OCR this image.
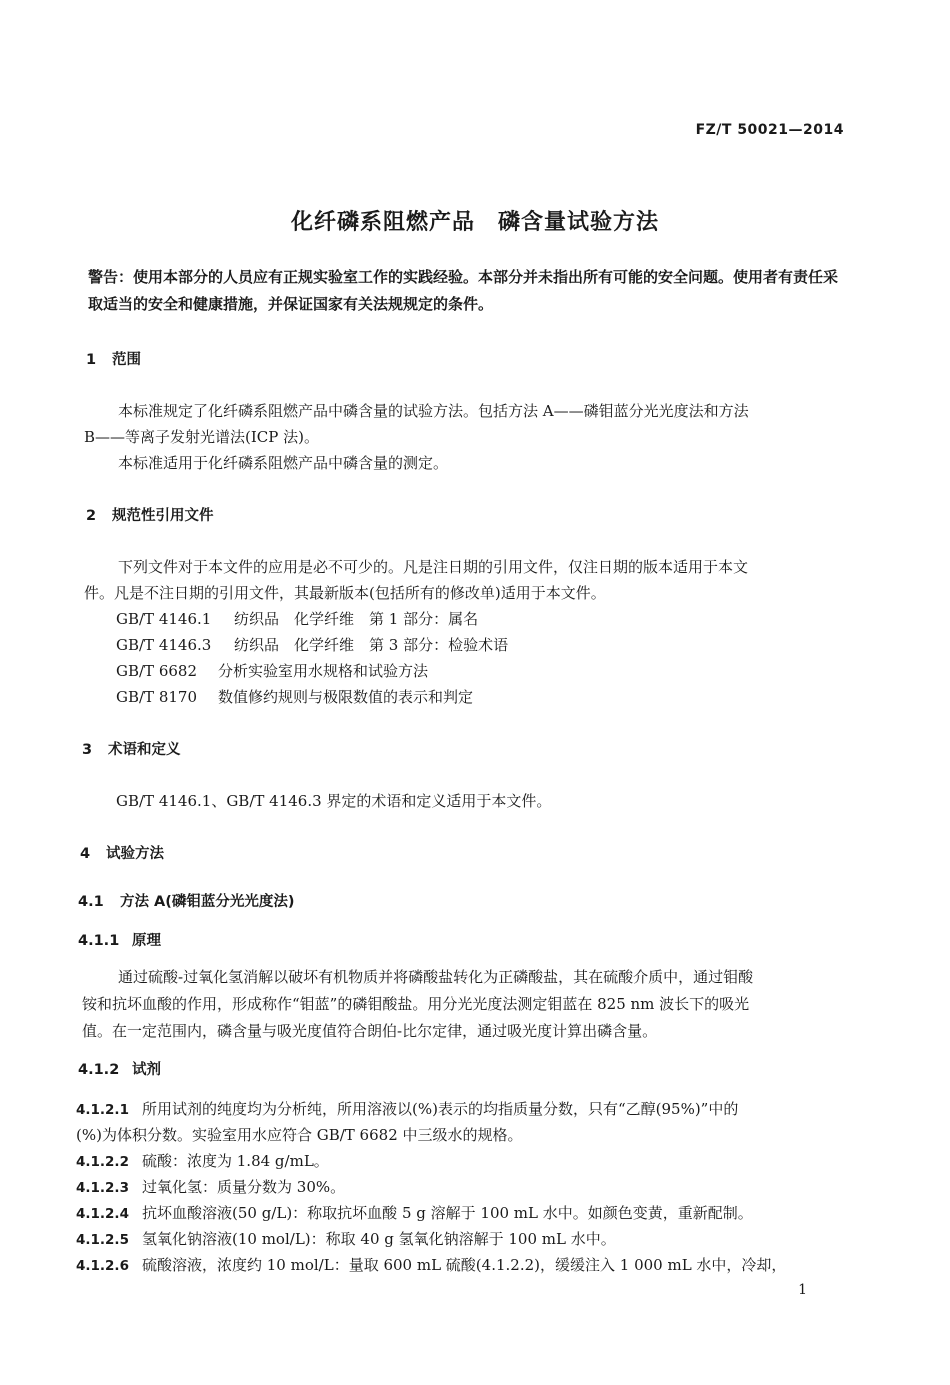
FZ/T 50021—2014
化纤磷系阻燃产品　磷含量试验方法
警告：使用本部分的人员应有正规实验室工作的实践经验。本部分并未指出所有可能的安全问题。使用者有责任采取适当的安全和健康措施，并保证国家有关法规规定的条件。
1 范围
本标准规定了化纤磷系阻燃产品中磷含量的试验方法。包括方法 A——磷钼蓝分光光度法和方法
B——等离子发射光谱法(ICP 法)。
本标准适用于化纤磷系阻燃产品中磷含量的测定。
2 规范性引用文件
下列文件对于本文件的应用是必不可少的。凡是注日期的引用文件，仅注日期的版本适用于本文
件。凡是不注日期的引用文件，其最新版本(包括所有的修改单)适用于本文件。
GB/T 4146.1 纺织品　化学纤维　第 1 部分：属名
GB/T 4146.3 纺织品　化学纤维　第 3 部分：检验术语
GB/T 6682 分析实验室用水规格和试验方法
GB/T 8170 数值修约规则与极限数值的表示和判定
3 术语和定义
GB/T 4146.1、GB/T 4146.3 界定的术语和定义适用于本文件。
4 试验方法
4.1 方法 A(磷钼蓝分光光度法)
4.1.1 原理
通过硫酸-过氧化氢消解以破坏有机物质并将磷酸盐转化为正磷酸盐，其在硫酸介质中，通过钼酸
铵和抗坏血酸的作用，形成称作“钼蓝”的磷钼酸盐。用分光光度法测定钼蓝在 825 nm 波长下的吸光
值。在一定范围内，磷含量与吸光度值符合朗伯-比尔定律，通过吸光度计算出磷含量。
4.1.2 试剂
4.1.2.1 所用试剂的纯度均为分析纯，所用溶液以(%)表示的均指质量分数，只有“乙醇(95%)”中的
(%)为体积分数。实验室用水应符合 GB/T 6682 中三级水的规格。
4.1.2.2 硫酸：浓度为 1.84 g/mL。
4.1.2.3 过氧化氢：质量分数为 30%。
4.1.2.4 抗坏血酸溶液(50 g/L)：称取抗坏血酸 5 g 溶解于 100 mL 水中。如颜色变黄，重新配制。
4.1.2.5 氢氧化钠溶液(10 mol/L)：称取 40 g 氢氧化钠溶解于 100 mL 水中。
4.1.2.6 硫酸溶液，浓度约 10 mol/L：量取 600 mL 硫酸(4.1.2.2)，缓缓注入 1 000 mL 水中，冷却，
1
